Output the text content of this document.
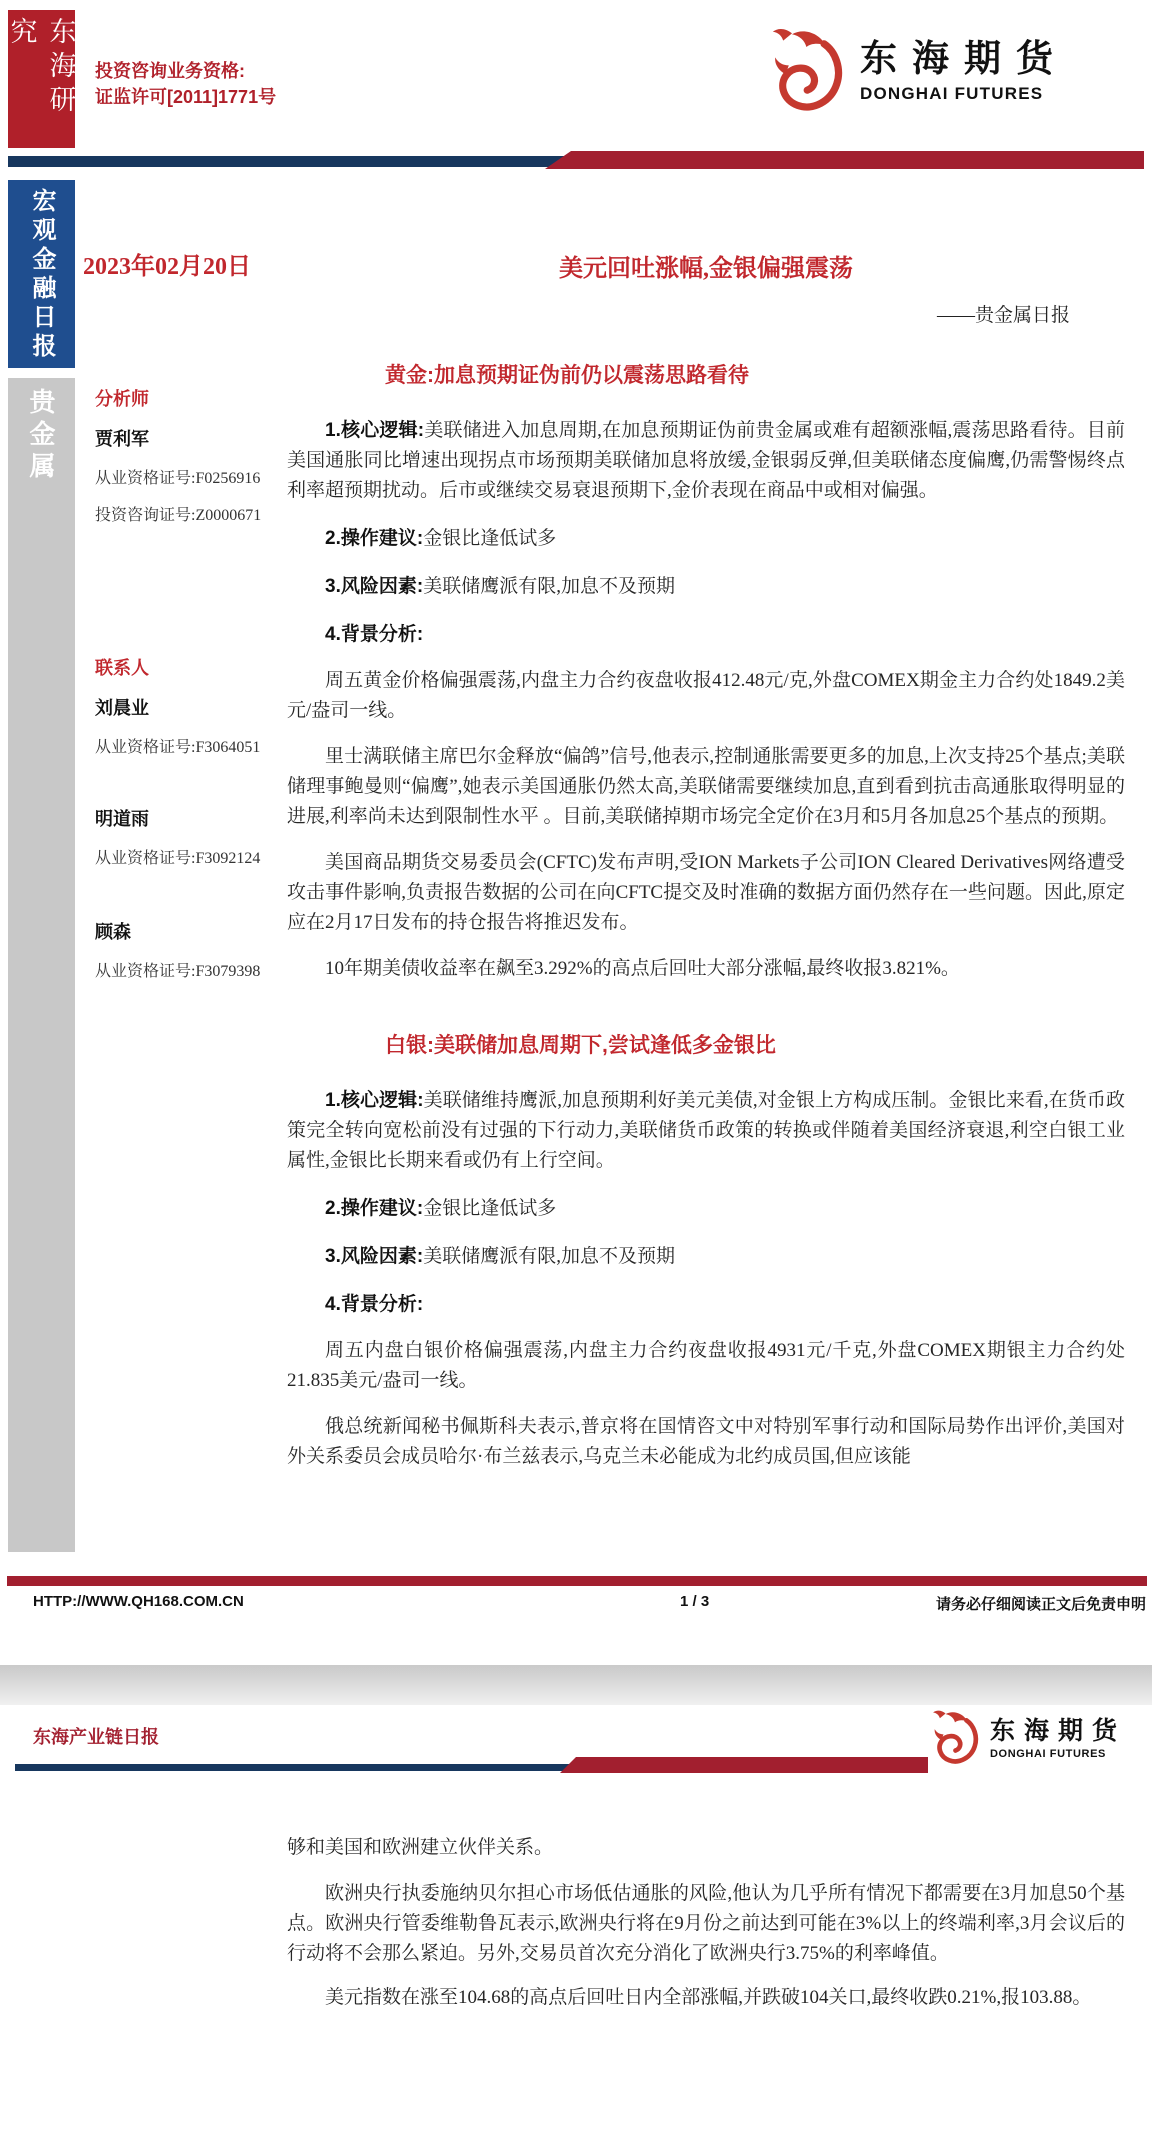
东海研究
投资咨询业务资格:
证监许可[2011]1771号
东海期货
DONGHAI FUTURES
宏观金融日报
贵金属
2023年02月20日	美元回吐涨幅,金银偏强震荡
——贵金属日报
分析师
贾利军
从业资格证号:F0256916
投资咨询证号:Z0000671
联系人
刘晨业
从业资格证号:F3064051
明道雨
从业资格证号:F3092124
顾森
从业资格证号:F3079398
黄金:加息预期证伪前仍以震荡思路看待

1.核心逻辑:美联储进入加息周期,在加息预期证伪前贵金属或难有超额涨幅,震荡思路看待。目前美国通胀同比增速出现拐点市场预期美联储加息将放缓,金银弱反弹,但美联储态度偏鹰,仍需警惕终点利率超预期扰动。后市或继续交易衰退预期下,金价表现在商品中或相对偏强。

2.操作建议:金银比逢低试多

3.风险因素:美联储鹰派有限,加息不及预期

4.背景分析:

周五黄金价格偏强震荡,内盘主力合约夜盘收报412.48元/克,外盘COMEX期金主力合约处1849.2美元/盎司一线。

里士满联储主席巴尔金释放“偏鸽”信号,他表示,控制通胀需要更多的加息,上次支持25个基点;美联储理事鲍曼则“偏鹰”,她表示美国通胀仍然太高,美联储需要继续加息,直到看到抗击高通胀取得明显的进展,利率尚未达到限制性水平 。目前,美联储掉期市场完全定价在3月和5月各加息25个基点的预期。

美国商品期货交易委员会(CFTC)发布声明,受ION Markets子公司ION Cleared Derivatives网络遭受攻击事件影响,负责报告数据的公司在向CFTC提交及时准确的数据方面仍然存在一些问题。因此,原定应在2月17日发布的持仓报告将推迟发布。

10年期美债收益率在飙至3.292%的高点后回吐大部分涨幅,最终收报3.821%。

白银:美联储加息周期下,尝试逢低多金银比

1.核心逻辑:美联储维持鹰派,加息预期利好美元美债,对金银上方构成压制。金银比来看,在货币政策完全转向宽松前没有过强的下行动力,美联储货币政策的转换或伴随着美国经济衰退,利空白银工业属性,金银比长期来看或仍有上行空间。

2.操作建议:金银比逢低试多

3.风险因素:美联储鹰派有限,加息不及预期

4.背景分析:

周五内盘白银价格偏强震荡,内盘主力合约夜盘收报4931元/千克,外盘COMEX期银主力合约处21.835美元/盎司一线。

俄总统新闻秘书佩斯科夫表示,普京将在国情咨文中对特别军事行动和国际局势作出评价,美国对外关系委员会成员哈尔·布兰兹表示,乌克兰未必能成为北约成员国,但应该能

HTTP://WWW.QH168.COM.CN	1 / 3	请务必仔细阅读正文后免责申明
东海产业链日报	东海期货
DONGHAI FUTURES

够和美国和欧洲建立伙伴关系。

欧洲央行执委施纳贝尔担心市场低估通胀的风险,他认为几乎所有情况下都需要在3月加息50个基点。欧洲央行管委维勒鲁瓦表示,欧洲央行将在9月份之前达到可能在3%以上的终端利率,3月会议后的行动将不会那么紧迫。另外,交易员首次充分消化了欧洲央行3.75%的利率峰值。

美元指数在涨至104.68的高点后回吐日内全部涨幅,并跌破104关口,最终收跌0.21%,报103.88。
